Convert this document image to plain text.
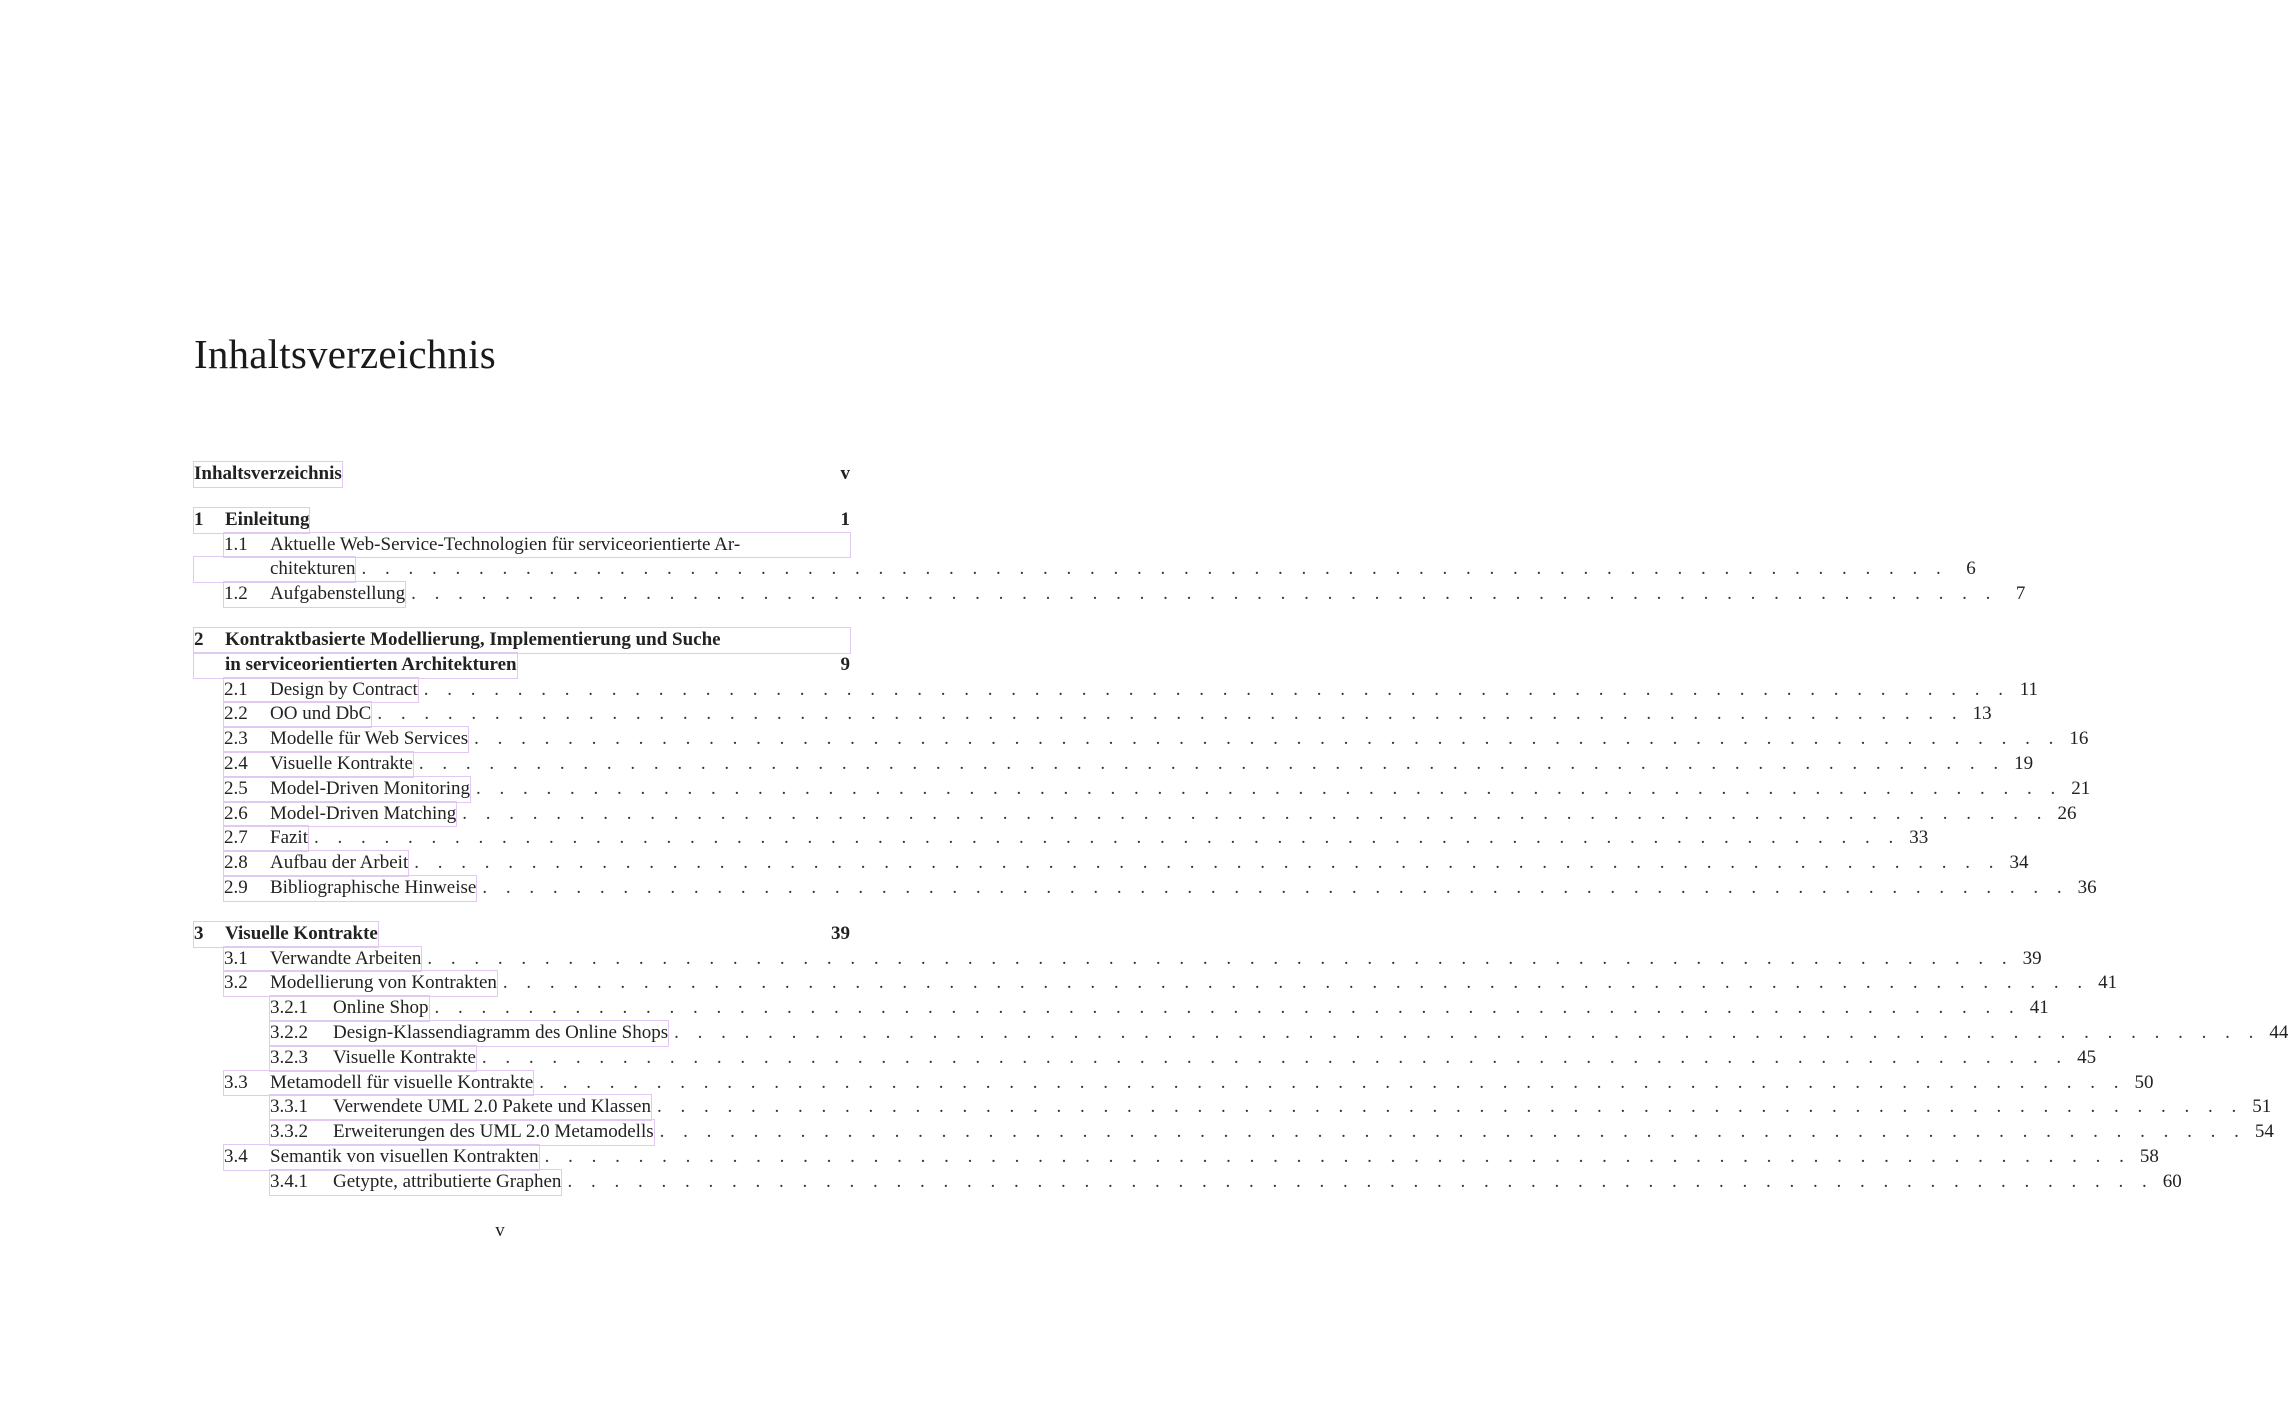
Inhaltsverzeichnis
Inhaltsverzeichnis	v
1	Einleitung	1
1.1	Aktuelle Web-Service-Technologien für serviceorientierte Ar-
chitekturen . . . . . . . . . . . . . . . . . . . . . . . . . . . . . . . . . . . . . . . . . . . . . . . . . . . . . . . . . . . . . . . . . . . . 6
1.2	Aufgabenstellung . . . . . . . . . . . . . . . . . . . . . . . . . . . . . . . . . . . . . . . . . . . . . . . . . . . . . . . . . . . . . . . . . . . . 7
2	Kontraktbasierte Modellierung, Implementierung und Suche
in serviceorientierten Architekturen	9
2.1	Design by Contract . . . . . . . . . . . . . . . . . . . . . . . . . . . . . . . . . . . . . . . . . . . . . . . . . . . . . . . . . . . . . . . . . . . . 11
2.2	OO und DbC . . . . . . . . . . . . . . . . . . . . . . . . . . . . . . . . . . . . . . . . . . . . . . . . . . . . . . . . . . . . . . . . . . . . 13
2.3	Modelle für Web Services . . . . . . . . . . . . . . . . . . . . . . . . . . . . . . . . . . . . . . . . . . . . . . . . . . . . . . . . . . . . . . . . . . . . 16
2.4	Visuelle Kontrakte . . . . . . . . . . . . . . . . . . . . . . . . . . . . . . . . . . . . . . . . . . . . . . . . . . . . . . . . . . . . . . . . . . . . 19
2.5	Model-Driven Monitoring . . . . . . . . . . . . . . . . . . . . . . . . . . . . . . . . . . . . . . . . . . . . . . . . . . . . . . . . . . . . . . . . . . . . 21
2.6	Model-Driven Matching . . . . . . . . . . . . . . . . . . . . . . . . . . . . . . . . . . . . . . . . . . . . . . . . . . . . . . . . . . . . . . . . . . . . 26
2.7	Fazit . . . . . . . . . . . . . . . . . . . . . . . . . . . . . . . . . . . . . . . . . . . . . . . . . . . . . . . . . . . . . . . . . . . . 33
2.8	Aufbau der Arbeit . . . . . . . . . . . . . . . . . . . . . . . . . . . . . . . . . . . . . . . . . . . . . . . . . . . . . . . . . . . . . . . . . . . . 34
2.9	Bibliographische Hinweise . . . . . . . . . . . . . . . . . . . . . . . . . . . . . . . . . . . . . . . . . . . . . . . . . . . . . . . . . . . . . . . . . . . . 36
3	Visuelle Kontrakte	39
3.1	Verwandte Arbeiten . . . . . . . . . . . . . . . . . . . . . . . . . . . . . . . . . . . . . . . . . . . . . . . . . . . . . . . . . . . . . . . . . . . . 39
3.2	Modellierung von Kontrakten . . . . . . . . . . . . . . . . . . . . . . . . . . . . . . . . . . . . . . . . . . . . . . . . . . . . . . . . . . . . . . . . . . . . 41
3.2.1	Online Shop . . . . . . . . . . . . . . . . . . . . . . . . . . . . . . . . . . . . . . . . . . . . . . . . . . . . . . . . . . . . . . . . . . . . 41
3.2.2	Design-Klassendiagramm des Online Shops . . . . . . . . . . . . . . . . . . . . . . . . . . . . . . . . . . . . . . . . . . . . . . . . . . . . . . . . . . . . . . . . . . . . 44
3.2.3	Visuelle Kontrakte . . . . . . . . . . . . . . . . . . . . . . . . . . . . . . . . . . . . . . . . . . . . . . . . . . . . . . . . . . . . . . . . . . . . 45
3.3	Metamodell für visuelle Kontrakte . . . . . . . . . . . . . . . . . . . . . . . . . . . . . . . . . . . . . . . . . . . . . . . . . . . . . . . . . . . . . . . . . . . . 50
3.3.1	Verwendete UML 2.0 Pakete und Klassen . . . . . . . . . . . . . . . . . . . . . . . . . . . . . . . . . . . . . . . . . . . . . . . . . . . . . . . . . . . . . . . . . . . . 51
3.3.2	Erweiterungen des UML 2.0 Metamodells . . . . . . . . . . . . . . . . . . . . . . . . . . . . . . . . . . . . . . . . . . . . . . . . . . . . . . . . . . . . . . . . . . . . 54
3.4	Semantik von visuellen Kontrakten . . . . . . . . . . . . . . . . . . . . . . . . . . . . . . . . . . . . . . . . . . . . . . . . . . . . . . . . . . . . . . . . . . . . 58
3.4.1	Getypte, attributierte Graphen . . . . . . . . . . . . . . . . . . . . . . . . . . . . . . . . . . . . . . . . . . . . . . . . . . . . . . . . . . . . . . . . . . . . 60
v
